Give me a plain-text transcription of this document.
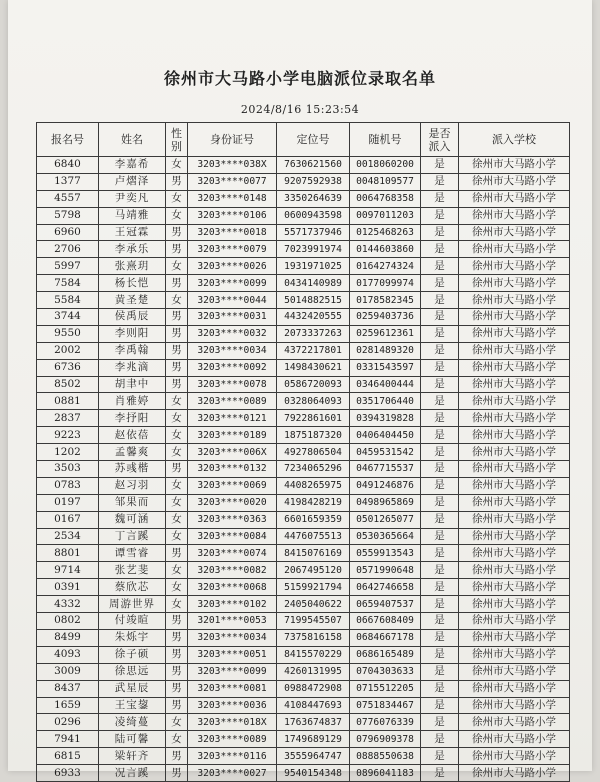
徐州市大马路小学电脑派位录取名单
2024/8/16 15:23:54
报名号	姓名	性别	身份证号	定位号	随机号	是否派入	派入学校
6840	李嘉希	女	3203****038X	7630621560	0018060200	是	徐州市大马路小学
1377	卢熠泽	男	3203****0077	9207592938	0048109577	是	徐州市大马路小学
4557	尹奕凡	女	3203****0148	3350264639	0064768358	是	徐州市大马路小学
5798	马靖雅	女	3203****0106	0600943598	0097011203	是	徐州市大马路小学
6960	王冠霖	男	3203****0018	5571737946	0125468263	是	徐州市大马路小学
2706	李承乐	男	3203****0079	7023991974	0144603860	是	徐州市大马路小学
5997	张熹玥	女	3203****0026	1931971025	0164274324	是	徐州市大马路小学
7584	杨长恺	男	3203****0099	0434140989	0177099974	是	徐州市大马路小学
5584	黄圣楚	女	3203****0044	5014882515	0178582345	是	徐州市大马路小学
3744	侯禹辰	男	3203****0031	4432420555	0259403736	是	徐州市大马路小学
9550	李则阳	男	3203****0032	2073337263	0259612361	是	徐州市大马路小学
2002	李禹翰	男	3203****0034	4372217801	0281489320	是	徐州市大马路小学
6736	李兆滴	男	3203****0092	1498430621	0331543597	是	徐州市大马路小学
8502	胡聿中	男	3203****0078	0586720093	0346400444	是	徐州市大马路小学
0881	肖雅婷	女	3203****0089	0328064093	0351706440	是	徐州市大马路小学
2837	李抒阳	女	3203****0121	7922861601	0394319828	是	徐州市大马路小学
9223	赵依蓓	女	3203****0189	1875187320	0406404450	是	徐州市大马路小学
1202	孟馨爽	女	3203****006X	4927806504	0459531542	是	徐州市大马路小学
3503	苏彧楷	男	3203****0132	7234065296	0467715537	是	徐州市大马路小学
0783	赵习羽	女	3203****0069	4408265975	0491246876	是	徐州市大马路小学
0197	邹果而	女	3203****0020	4198428219	0498965869	是	徐州市大马路小学
0167	魏可涵	女	3203****0363	6601659359	0501265077	是	徐州市大马路小学
2534	丁言蹊	女	3203****0084	4476075513	0530365664	是	徐州市大马路小学
8801	谭雪睿	男	3203****0074	8415076169	0559913543	是	徐州市大马路小学
9714	张艺斐	女	3203****0082	2067495120	0571990648	是	徐州市大马路小学
0391	蔡欣芯	女	3203****0068	5159921794	0642746658	是	徐州市大马路小学
4332	周游世界	女	3203****0102	2405040622	0659407537	是	徐州市大马路小学
0802	付竣暄	男	3201****0053	7199545507	0667608409	是	徐州市大马路小学
8499	朱烁宇	男	3203****0034	7375816158	0684667178	是	徐州市大马路小学
4093	徐子硕	男	3203****0051	8415570229	0686165489	是	徐州市大马路小学
3009	徐思远	男	3203****0099	4260131995	0704303633	是	徐州市大马路小学
8437	武星辰	男	3203****0081	0988472908	0715512205	是	徐州市大马路小学
1659	王宝鋆	男	3203****0036	4108447693	0751834467	是	徐州市大马路小学
0296	凌绮蔓	女	3203****018X	1763674837	0776076339	是	徐州市大马路小学
7941	陆可馨	女	3203****0089	1749689129	0796909378	是	徐州市大马路小学
6815	梁轩齐	男	3203****0116	3555964747	0888550638	是	徐州市大马路小学
6933	况言蹊	男	3203****0027	9540154348	0896041183	是	徐州市大马路小学
